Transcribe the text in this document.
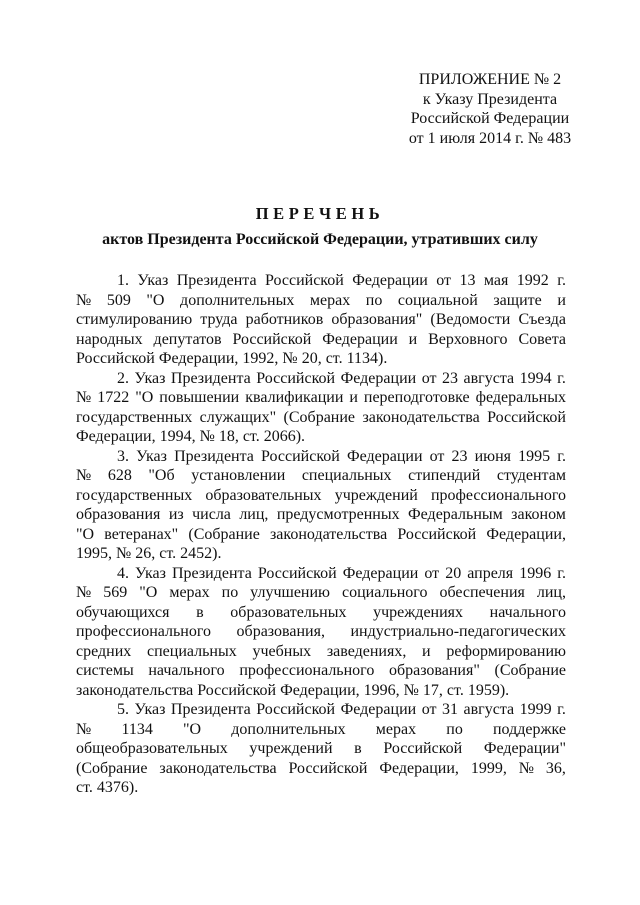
ПРИЛОЖЕНИЕ № 2
к Указу Президента
Российской Федерации
от 1 июля 2014 г. № 483
ПЕРЕЧЕНЬ
актов Президента Российской Федерации, утративших силу
1. Указ Президента Российской Федерации от 13 мая 1992 г.
№ 509 "О дополнительных мерах по социальной защите и
стимулированию труда работников образования" (Ведомости Съезда
народных депутатов Российской Федерации и Верховного Совета
Российской Федерации, 1992, № 20, ст. 1134).
2. Указ Президента Российской Федерации от 23 августа 1994 г.
№ 1722 "О повышении квалификации и переподготовке федеральных
государственных служащих" (Собрание законодательства Российской
Федерации, 1994, № 18, ст. 2066).
3. Указ Президента Российской Федерации от 23 июня 1995 г.
№ 628 "Об установлении специальных стипендий студентам
государственных образовательных учреждений профессионального
образования из числа лиц, предусмотренных Федеральным законом
"О ветеранах" (Собрание законодательства Российской Федерации,
1995, № 26, ст. 2452).
4. Указ Президента Российской Федерации от 20 апреля 1996 г.
№ 569 "О мерах по улучшению социального обеспечения лиц,
обучающихся в образовательных учреждениях начального
профессионального образования, индустриально-педагогических
средних специальных учебных заведениях, и реформированию
системы начального профессионального образования" (Собрание
законодательства Российской Федерации, 1996, № 17, ст. 1959).
5. Указ Президента Российской Федерации от 31 августа 1999 г.
№ 1134 "О дополнительных мерах по поддержке
общеобразовательных учреждений в Российской Федерации"
(Собрание законодательства Российской Федерации, 1999, № 36,
ст. 4376).
